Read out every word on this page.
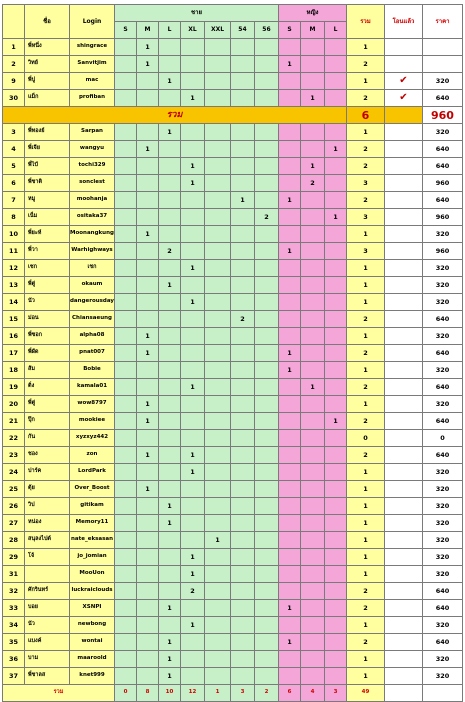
	ชื่อ	Login	ชาย							หญิง			รวม	โอนแล้ว	ราคา
			S	M	L	XL	XXL	54	56	S	M	L			
1	พี่หนึ่ง	shingrace		1									1		
2	วิทย์	Sanvitjim		1						1			2		
9	พี่ปู	mac			1								1	✔	320
30	แม็ก	profiban				1					1		2	✔	640
รวม													6		960
3	พี่ทองย์	Sarpan			1								1		320
4	พี่เจีย	wangyu		1								1	2		640
5	พี่ไป๋	tochi329				1					1		2		640
6	พี่ชาติ	sonclest				1					2		3		960
7	หมู	moohanja						1		1			2		640
8	เน็ม	ositaka37							2			1	3		960
10	พี่ยะห์	Moonangkung		1									1		320
11	พี่วา	Warhighways			2					1			3		960
12	เชก	เชก				1							1		320
13	พี่ตู่	okaum			1								1		320
14	นัว	dangerousday				1							1		320
15	ม่อน	Chiansaeung						2					2		640
16	พี่ซอก	alpha08		1									1		320
17	พี่ผัด	pnat007		1						1			2		640
18	ส้ม	Bobie								1			1		320
19	ติ่ง	kamala01				1					1		2		640
20	พี่ตู่	wow8797		1									1		320
21	ปุ๊ก	mookiee		1								1	2		640
22	กัน	xyzxyz442											0		0
23	ชอง	zon		1		1							2		640
24	ปาร์ค	LordPark				1							1		320
25	ตุ้ย	Over_Boost		1									1		320
26	วิป	gitikam			1								1		320
27	หน่อง	Memory11			1								1		320
28	สนุลงไปต์	nate_eksasan					1						1		320
29	โจ้	jo_jomian				1							1		320
31		MooUon				1							1		320
32	ศักรินทร์	luckraiclouds				2							2		640
33	บอย	XSNPI			1					1			2		640
34	นัว	newbong				1							1		320
35	แบงค์	wontai			1					1			2		640
36	บาม	maaroold			1								1		320
37	พี่ชาลส	knet999			1								1		320
รวม			0	8	10	12	1	3	2	6	4	3	49		
